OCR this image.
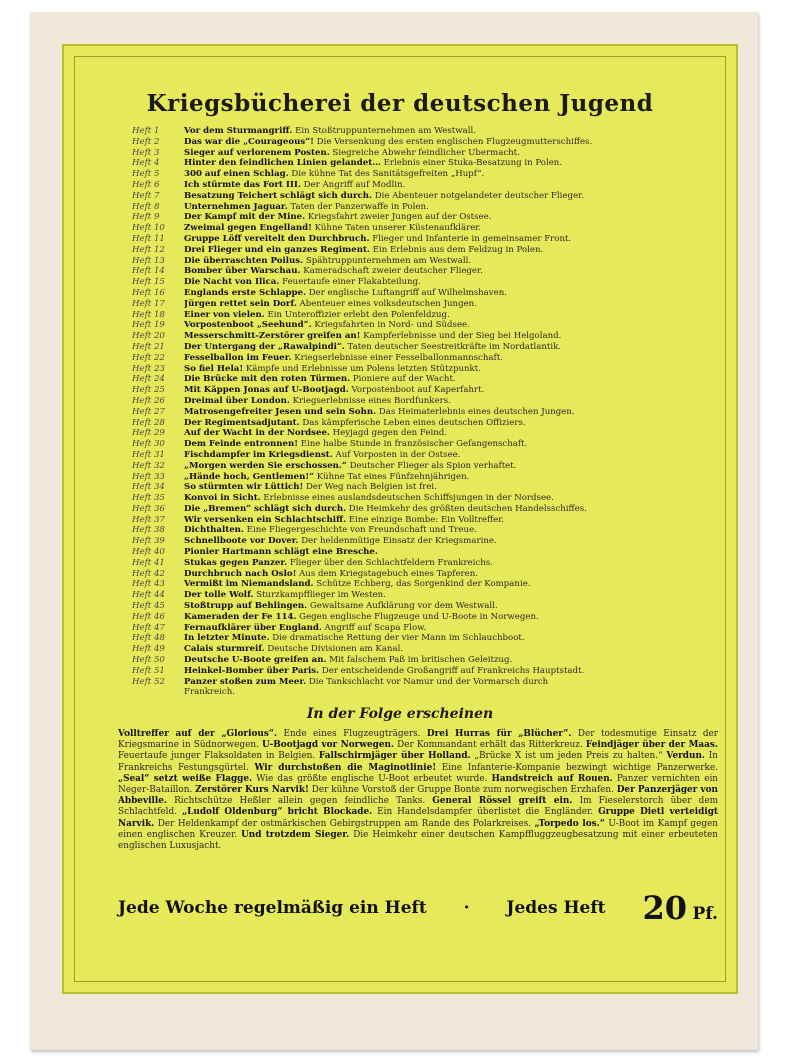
Kriegsbücherei der deutschen Jugend
Heft 1	Vor dem Sturmangriff. Ein Stoßtruppunternehmen am Westwall.
Heft 2	Das war die „Courageous“! Die Versenkung des ersten englischen Flugzeugmutterschiffes.
Heft 3	Sieger auf verlorenem Posten. Siegreiche Abwehr feindlicher Übermacht.
Heft 4	Hinter den feindlichen Linien gelandet… Erlebnis einer Stuka-Besatzung in Polen.
Heft 5	300 auf einen Schlag. Die kühne Tat des Sanitätsgefreiten „Hupf“.
Heft 6	Ich stürmte das Fort III. Der Angriff auf Modlin.
Heft 7	Besatzung Teichert schlägt sich durch. Die Abenteuer notgelandeter deutscher Flieger.
Heft 8	Unternehmen Jaguar. Taten der Panzerwaffe in Polen.
Heft 9	Der Kampf mit der Mine. Kriegsfahrt zweier Jungen auf der Ostsee.
Heft 10	Zweimal gegen Engelland! Kühne Taten unserer Küstenaufklärer.
Heft 11	Gruppe Löff vereitelt den Durchbruch. Flieger und Infanterie in gemeinsamer Front.
Heft 12	Drei Flieger und ein ganzes Regiment. Ein Erlebnis aus dem Feldzug in Polen.
Heft 13	Die überraschten Poilus. Spähtruppunternehmen am Westwall.
Heft 14	Bomber über Warschau. Kameradschaft zweier deutscher Flieger.
Heft 15	Die Nacht von Ilica. Feuertaufe einer Flakabteilung.
Heft 16	Englands erste Schlappe. Der englische Luftangriff auf Wilhelmshaven.
Heft 17	Jürgen rettet sein Dorf. Abenteuer eines volksdeutschen Jungen.
Heft 18	Einer von vielen. Ein Unteroffizier erlebt den Polenfeldzug.
Heft 19	Vorpostenboot „Seehund“. Kriegsfahrten in Nord- und Südsee.
Heft 20	Messerschmitt-Zerstörer greifen an! Kampferlebnisse und der Sieg bei Helgoland.
Heft 21	Der Untergang der „Rawalpindi“. Taten deutscher Seestreitkräfte im Nordatlantik.
Heft 22	Fesselballon im Feuer. Kriegserlebnisse einer Fesselballonmannschaft.
Heft 23	So fiel Hela! Kämpfe und Erlebnisse um Polens letzten Stützpunkt.
Heft 24	Die Brücke mit den roten Türmen. Pioniere auf der Wacht.
Heft 25	Mit Käppen Jonas auf U-Bootjagd. Vorpostenboot auf Kaperfahrt.
Heft 26	Dreimal über London. Kriegserlebnisse eines Bordfunkers.
Heft 27	Matrosengefreiter Jesen und sein Sohn. Das Heimaterlebnis eines deutschen Jungen.
Heft 28	Der Regimentsadjutant. Das kämpferische Leben eines deutschen Offiziers.
Heft 29	Auf der Wacht in der Nordsee. Heyjagd gegen den Feind.
Heft 30	Dem Feinde entronnen! Eine halbe Stunde in französischer Gefangenschaft.
Heft 31	Fischdampfer im Kriegsdienst. Auf Vorposten in der Ostsee.
Heft 32	„Morgen werden Sie erschossen.“ Deutscher Flieger als Spion verhaftet.
Heft 33	„Hände hoch, Gentlemen!“ Kühne Tat eines Fünfzehnjährigen.
Heft 34	So stürmten wir Lüttich! Der Weg nach Belgien ist frei.
Heft 35	Konvoi in Sicht. Erlebnisse eines auslandsdeutschen Schiffsjungen in der Nordsee.
Heft 36	Die „Bremen“ schlägt sich durch. Die Heimkehr des größten deutschen Handelsschiffes.
Heft 37	Wir versenken ein Schlachtschiff. Eine einzige Bombe: Ein Volltreffer.
Heft 38	Dichthalten. Eine Fliegergeschichte von Freundschaft und Treue.
Heft 39	Schnellboote vor Dover. Der heldenmütige Einsatz der Kriegsmarine.
Heft 40	Pionier Hartmann schlägt eine Bresche.
Heft 41	Stukas gegen Panzer. Flieger über den Schlachtfeldern Frankreichs.
Heft 42	Durchbruch nach Oslo! Aus dem Kriegstagebuch eines Tapferen.
Heft 43	Vermißt im Niemandsland. Schütze Echberg, das Sorgenkind der Kompanie.
Heft 44	Der tolle Wolf. Sturzkampfflieger im Westen.
Heft 45	Stoßtrupp auf Behlingen. Gewaltsame Aufklärung vor dem Westwall.
Heft 46	Kameraden der Fe 114. Gegen englische Flugzeuge und U-Boote in Norwegen.
Heft 47	Fernaufklärer über England. Angriff auf Scapa Flow.
Heft 48	In letzter Minute. Die dramatische Rettung der vier Mann im Schlauchboot.
Heft 49	Calais sturmreif. Deutsche Divisionen am Kanal.
Heft 50	Deutsche U-Boote greifen an. Mit falschem Paß im britischen Geleitzug.
Heft 51	Heinkel-Bomber über Paris. Der entscheidende Großangriff auf Frankreichs Hauptstadt.
Heft 52	Panzer stoßen zum Meer. Die Tankschlacht vor Namur und der Vormarsch durch
Frankreich.
In der Folge erscheinen
Volltreffer auf der „Glorious“. Ende eines Flugzeugträgers. Drei Hurras für „Blücher“. Der todesmutige Einsatz der Kriegsmarine in Südnorwegen. U-Bootjagd vor Norwegen. Der Kommandant erhält das Ritterkreuz. Feindjäger über der Maas. Feuertaufe junger Flaksoldaten in Belgien. Fallschirmjäger über Holland. „Brücke X ist um jeden Preis zu halten.“ Verdun. In Frankreichs Festungsgürtel. Wir durchstoßen die Maginotlinie! Eine Infanterie-Kompanie bezwingt wichtige Panzerwerke. „Seal“ setzt weiße Flagge. Wie das größte englische U-Boot erbeutet wurde. Handstreich auf Rouen. Panzer vernichten ein Neger-Bataillon. Zerstörer Kurs Narvik! Der kühne Vorstoß der Gruppe Bonte zum norwegischen Erzhafen. Der Panzerjäger von Abbeville. Richtschütze Heßler allein gegen feindliche Tanks. General Rössel greift ein. Im Fieselerstorch über dem Schlachtfeld. „Ludolf Oldenburg“ bricht Blockade. Ein Handelsdampfer überlistet die Engländer. Gruppe Dietl verteidigt Narvik. Der Heldenkampf der ostmärkischen Gebirgstruppen am Rande des Polarkreises. „Torpedo los.“ U-Boot im Kampf gegen einen englischen Kreuzer. Und trotzdem Sieger. Die Heimkehr einer deutschen Kampffluggzeugbesatzung mit einer erbeuteten englischen Luxusjacht.
Jede Woche regelmäßig ein Heft · Jedes Heft 20 Pf.
